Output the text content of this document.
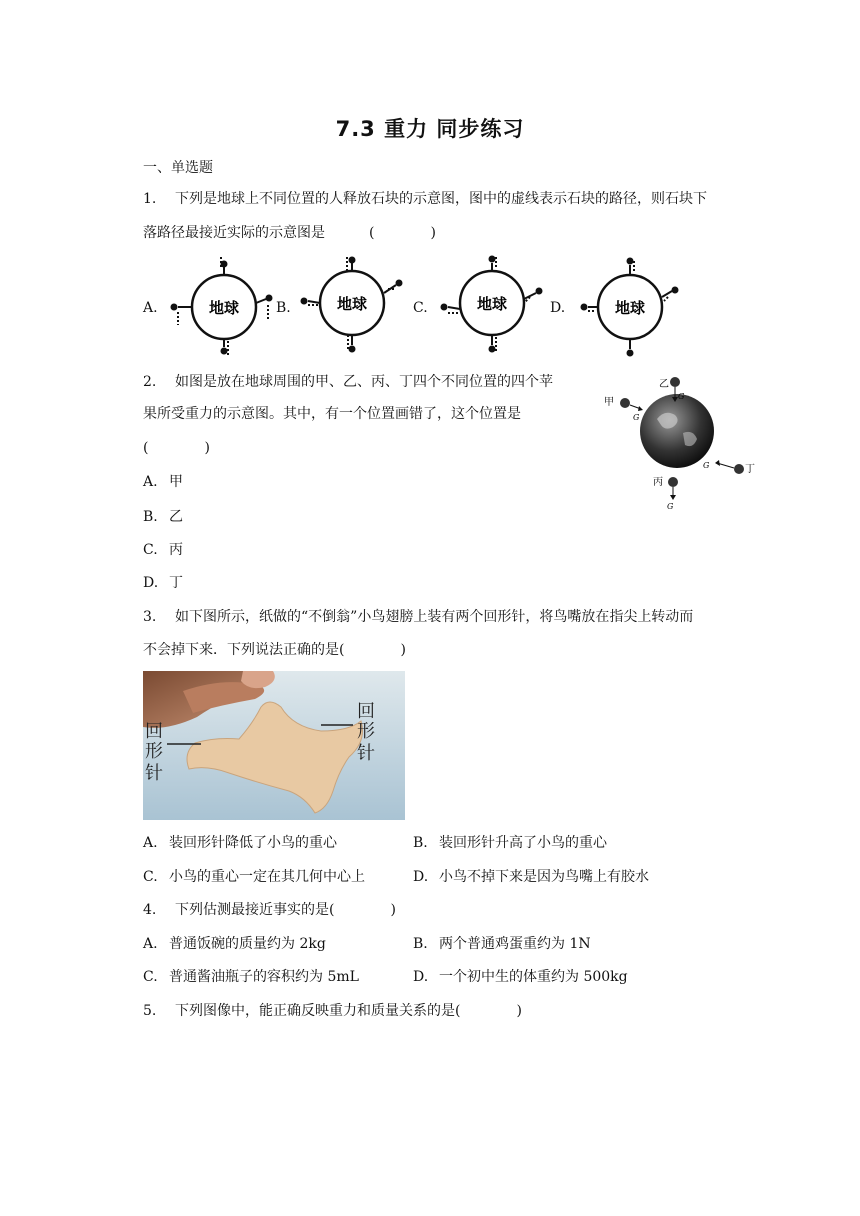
7.3 重力 同步练习
一、单选题
1. 下列是地球上不同位置的人释放石块的示意图，图中的虚线表示石块的路径，则石块下
落路径最接近实际的示意图是	(　　　　)
A.	B.	C.	D.
地球	地球	地球	地球
2. 如图是放在地球周围的甲、乙、丙、丁四个不同位置的四个苹
果所受重力的示意图。其中，有一个位置画错了，这个位置是
(　　　　)
A. 甲
B. 乙
C. 丙
D. 丁
乙
G
甲
G
丁
G
丙
G
3. 如下图所示，纸做的“不倒翁”小鸟翅膀上装有两个回形针，将鸟嘴放在指尖上转动而
不会掉下来．下列说法正确的是(　　　　)
回
形
针
回
形
针
A. 装回形针降低了小鸟的重心	B. 装回形针升高了小鸟的重心
C. 小鸟的重心一定在其几何中心上	D. 小鸟不掉下来是因为鸟嘴上有胶水
4. 下列估测最接近事实的是(　　　　)
A. 普通饭碗的质量约为 2kg	B. 两个普通鸡蛋重约为 1N
C. 普通酱油瓶子的容积约为 5mL	D. 一个初中生的体重约为 500kg
5. 下列图像中，能正确反映重力和质量关系的是(　　　　)
